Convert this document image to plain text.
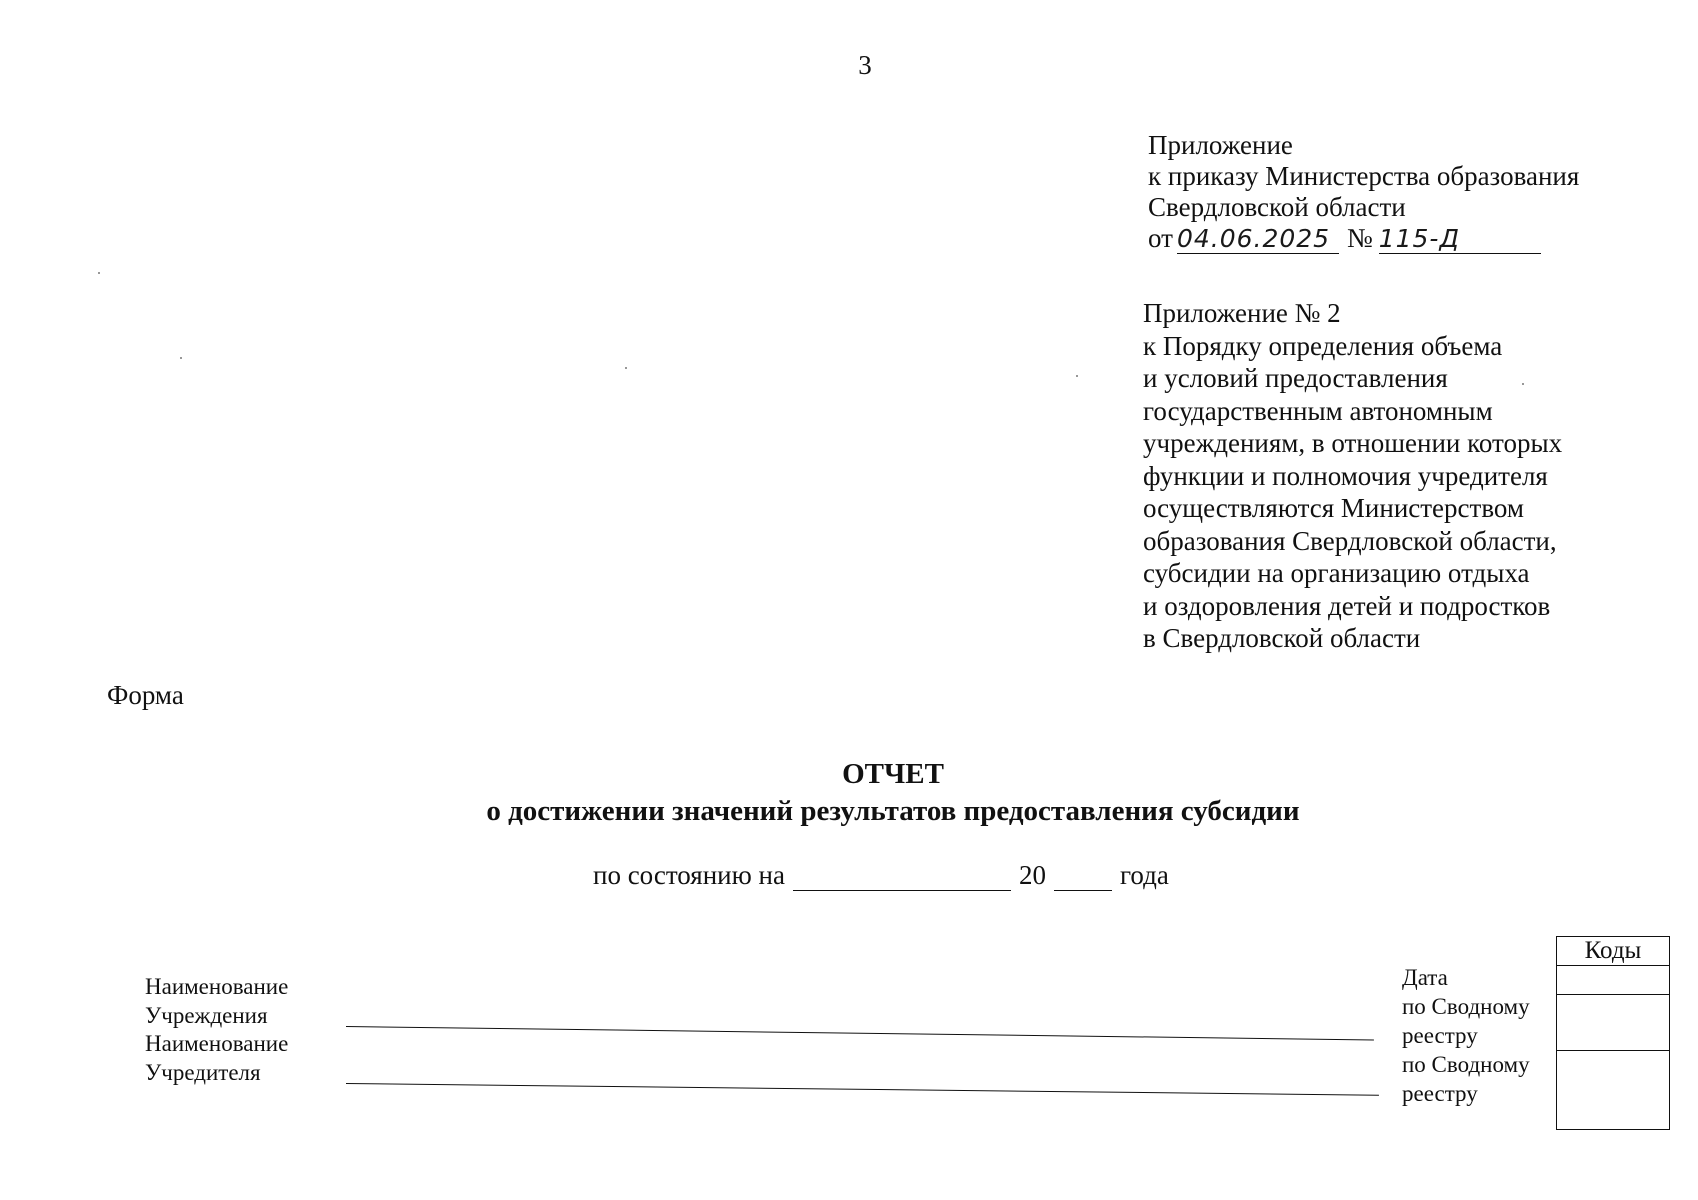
3
Приложение
к приказу Министерства образования
Свердловской области
от 04.06.2025 № 115-Д
Приложение № 2
к Порядку определения объема
и условий предоставления
государственным автономным
учреждениям, в отношении которых
функции и полномочия учредителя
осуществляются Министерством
образования Свердловской области,
субсидии на организацию отдыха
и оздоровления детей и подростков
в Свердловской области
Форма
ОТЧЕТ
о достижении значений результатов предоставления субсидии
по состоянию на	20	года
Наименование
Учреждения
Наименование
Учредителя
Дата
по Сводному
реестру
по Сводному
реестру
Коды
